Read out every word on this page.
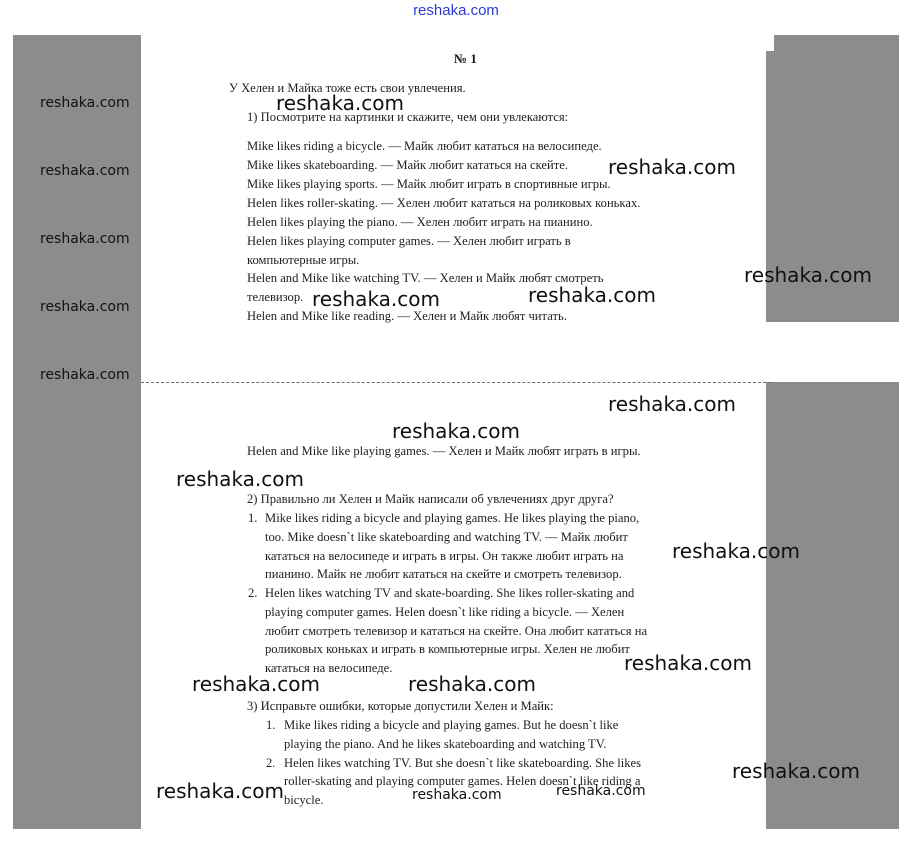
reshaka.com
№ 1
У Хелен и Майка тоже есть свои увлечения.
1) Посмотрите на картинки и скажите, чем они увлекаются:
Mike likes riding a bicycle. — Майк любит кататься на велосипеде.
Mike likes skateboarding. — Майк любит кататься на скейте.
Mike likes playing sports. — Майк любит играть в спортивные игры.
Helen likes roller-skating. — Хелен любит кататься на роликовых коньках.
Helen likes playing the piano. — Хелен любит играть на пианино.
Helen likes playing computer games. — Хелен любит играть в
компьютерные игры.
Helen and Mike like watching TV. — Хелен и Майк любят смотреть
телевизор.
Helen and Mike like reading. — Хелен и Майк любят читать.
Helen and Mike like playing games. — Хелен и Майк любят играть в игры.
2) Правильно ли Хелен и Майк написали об увлечениях друг друга?
1. Mike likes riding a bicycle and playing games. He likes playing the piano,
too. Mike doesn`t like skateboarding and watching TV. — Майк любит
кататься на велосипеде и играть в игры. Он также любит играть на
пианино. Майк не любит кататься на скейте и смотреть телевизор.
2. Helen likes watching TV and skate-boarding. She likes roller-skating and
playing computer games. Helen doesn`t like riding a bicycle. — Хелен
любит смотреть телевизор и кататься на скейте. Она любит кататься на
роликовых коньках и играть в компьютерные игры. Хелен не любит
кататься на велосипеде.
3) Исправьте ошибки, которые допустили Хелен и Майк:
1. Mike likes riding a bicycle and playing games. But he doesn`t like
playing the piano. And he likes skateboarding and watching TV.
2. Helen likes watching TV. But she doesn`t like skateboarding. She likes
roller-skating and playing computer games. Helen doesn`t like riding a
bicycle.
reshaka.com
reshaka.com
reshaka.com
reshaka.com
reshaka.com
reshaka.com
reshaka.com
reshaka.com
reshaka.com	reshaka.com
reshaka.com
reshaka.com
reshaka.com
reshaka.com
reshaka.com
reshaka.com	reshaka.com
reshaka.com
reshaka.com	reshaka.com	reshaka.com
